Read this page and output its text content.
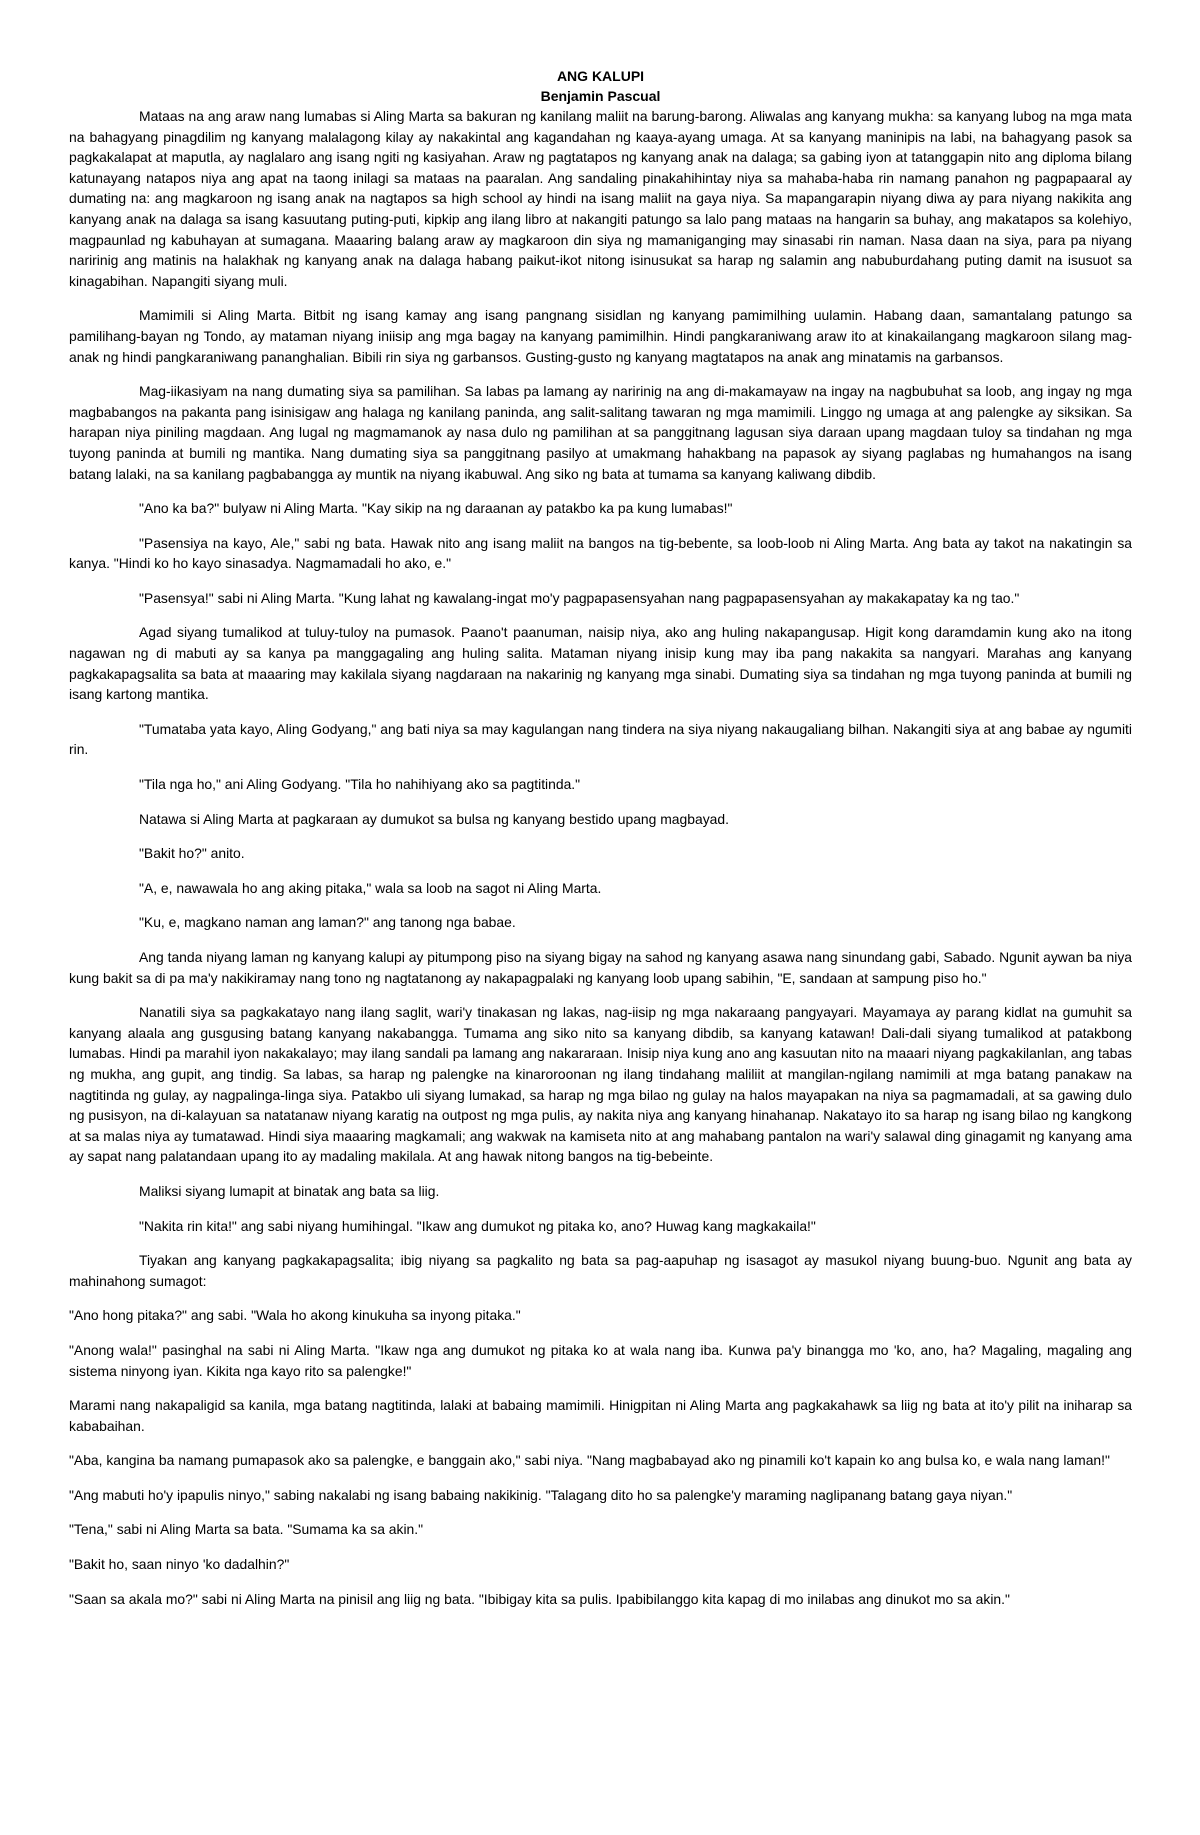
ANG KALUPI

Benjamin Pascual

Mataas na ang araw nang lumabas si Aling Marta sa bakuran ng kanilang maliit na barung-barong. Aliwalas ang kanyang mukha: sa kanyang lubog na mga mata na bahagyang pinagdilim ng kanyang malalagong kilay ay nakakintal ang kagandahan ng kaaya-ayang umaga. At sa kanyang maninipis na labi, na bahagyang pasok sa pagkakalapat at maputla, ay naglalaro ang isang ngiti ng kasiyahan. Araw ng pagtatapos ng kanyang anak na dalaga; sa gabing iyon at tatanggapin nito ang diploma bilang katunayang natapos niya ang apat na taong inilagi sa mataas na paaralan. Ang sandaling pinakahihintay niya sa mahaba-haba rin namang panahon ng pagpapaaral ay dumating na: ang magkaroon ng isang anak na nagtapos sa high school ay hindi na isang maliit na gaya niya. Sa mapangarapin niyang diwa ay para niyang nakikita ang kanyang anak na dalaga sa isang kasuutang puting-puti, kipkip ang ilang libro at nakangiti patungo sa lalo pang mataas na hangarin sa buhay, ang makatapos sa kolehiyo, magpaunlad ng kabuhayan at sumagana. Maaaring balang araw ay magkaroon din siya ng mamaniganging may sinasabi rin naman. Nasa daan na siya, para pa niyang naririnig ang matinis na halakhak ng kanyang anak na dalaga habang paikut-ikot nitong isinusukat sa harap ng salamin ang nabuburdahang puting damit na isusuot sa kinagabihan. Napangiti siyang muli.

Mamimili si Aling Marta. Bitbit ng isang kamay ang isang pangnang sisidlan ng kanyang pamimilhing uulamin. Habang daan, samantalang patungo sa pamilihang-bayan ng Tondo, ay mataman niyang iniisip ang mga bagay na kanyang pamimilhin. Hindi pangkaraniwang araw ito at kinakailangang magkaroon silang mag-anak ng hindi pangkaraniwang pananghalian. Bibili rin siya ng garbansos. Gusting-gusto ng kanyang magtatapos na anak ang minatamis na garbansos.

Mag-iikasiyam na nang dumating siya sa pamilihan. Sa labas pa lamang ay naririnig na ang di-makamayaw na ingay na nagbubuhat sa loob, ang ingay ng mga magbabangos na pakanta pang isinisigaw ang halaga ng kanilang paninda, ang salit-salitang tawaran ng mga mamimili. Linggo ng umaga at ang palengke ay siksikan. Sa harapan niya piniling magdaan. Ang lugal ng magmamanok ay nasa dulo ng pamilihan at sa panggitnang lagusan siya daraan upang magdaan tuloy sa tindahan ng mga tuyong paninda at bumili ng mantika. Nang dumating siya sa panggitnang pasilyo at umakmang hahakbang na papasok ay siyang paglabas ng humahangos na isang batang lalaki, na sa kanilang pagbabangga ay muntik na niyang ikabuwal. Ang siko ng bata at tumama sa kanyang kaliwang dibdib.

"Ano ka ba?" bulyaw ni Aling Marta. "Kay sikip na ng daraanan ay patakbo ka pa kung lumabas!"

"Pasensiya na kayo, Ale," sabi ng bata. Hawak nito ang isang maliit na bangos na tig-bebente, sa loob-loob ni Aling Marta. Ang bata ay takot na nakatingin sa kanya. "Hindi ko ho kayo sinasadya. Nagmamadali ho ako, e."

"Pasensya!" sabi ni Aling Marta. "Kung lahat ng kawalang-ingat mo'y pagpapasensyahan nang pagpapasensyahan ay makakapatay ka ng tao."

Agad siyang tumalikod at tuluy-tuloy na pumasok. Paano't paanuman, naisip niya, ako ang huling nakapangusap. Higit kong daramdamin kung ako na itong nagawan ng di mabuti ay sa kanya pa manggagaling ang huling salita. Mataman niyang inisip kung may iba pang nakakita sa nangyari. Marahas ang kanyang pagkakapagsalita sa bata at maaaring may kakilala siyang nagdaraan na nakarinig ng kanyang mga sinabi. Dumating siya sa tindahan ng mga tuyong paninda at bumili ng isang kartong mantika.

"Tumataba yata kayo, Aling Godyang," ang bati niya sa may kagulangan nang tindera na siya niyang nakaugaliang bilhan. Nakangiti siya at ang babae ay ngumiti rin.

"Tila nga ho," ani Aling Godyang. "Tila ho nahihiyang ako sa pagtitinda."

Natawa si Aling Marta at pagkaraan ay dumukot sa bulsa ng kanyang bestido upang magbayad.

"Bakit ho?" anito.

"A, e, nawawala ho ang aking pitaka," wala sa loob na sagot ni Aling Marta.

"Ku, e, magkano naman ang laman?" ang tanong nga babae.

Ang tanda niyang laman ng kanyang kalupi ay pitumpong piso na siyang bigay na sahod ng kanyang asawa nang sinundang gabi, Sabado. Ngunit aywan ba niya kung bakit sa di pa ma'y nakikiramay nang tono ng nagtatanong ay nakapagpalaki ng kanyang loob upang sabihin, "E, sandaan at sampung piso ho."

Nanatili siya sa pagkakatayo nang ilang saglit, wari'y tinakasan ng lakas, nag-iisip ng mga nakaraang pangyayari. Mayamaya ay parang kidlat na gumuhit sa kanyang alaala ang gusgusing batang kanyang nakabangga. Tumama ang siko nito sa kanyang dibdib, sa kanyang katawan! Dali-dali siyang tumalikod at patakbong lumabas. Hindi pa marahil iyon nakakalayo; may ilang sandali pa lamang ang nakararaan. Inisip niya kung ano ang kasuutan nito na maaari niyang pagkakilanlan, ang tabas ng mukha, ang gupit, ang tindig. Sa labas, sa harap ng palengke na kinaroroonan ng ilang tindahang maliliit at mangilan-ngilang namimili at mga batang panakaw na nagtitinda ng gulay, ay nagpalinga-linga siya. Patakbo uli siyang lumakad, sa harap ng mga bilao ng gulay na halos mayapakan na niya sa pagmamadali, at sa gawing dulo ng pusisyon, na di-kalayuan sa natatanaw niyang karatig na outpost ng mga pulis, ay nakita niya ang kanyang hinahanap. Nakatayo ito sa harap ng isang bilao ng kangkong at sa malas niya ay tumatawad. Hindi siya maaaring magkamali; ang wakwak na kamiseta nito at ang mahabang pantalon na wari'y salawal ding ginagamit ng kanyang ama ay sapat nang palatandaan upang ito ay madaling makilala. At ang hawak nitong bangos na tig-bebeinte.

Maliksi siyang lumapit at binatak ang bata sa liig.

"Nakita rin kita!" ang sabi niyang humihingal. "Ikaw ang dumukot ng pitaka ko, ano? Huwag kang magkakaila!"

Tiyakan ang kanyang pagkakapagsalita; ibig niyang sa pagkalito ng bata sa pag-aapuhap ng isasagot ay masukol niyang buung-buo. Ngunit ang bata ay mahinahong sumagot:

"Ano hong pitaka?" ang sabi. "Wala ho akong kinukuha sa inyong pitaka."

"Anong wala!" pasinghal na sabi ni Aling Marta. "Ikaw nga ang dumukot ng pitaka ko at wala nang iba. Kunwa pa'y binangga mo 'ko, ano, ha? Magaling, magaling ang sistema ninyong iyan. Kikita nga kayo rito sa palengke!"

Marami nang nakapaligid sa kanila, mga batang nagtitinda, lalaki at babaing mamimili. Hinigpitan ni Aling Marta ang pagkakahawk sa liig ng bata at ito'y pilit na iniharap sa kababaihan.

"Aba, kangina ba namang pumapasok ako sa palengke, e banggain ako," sabi niya. "Nang magbabayad ako ng pinamili ko't kapain ko ang bulsa ko, e wala nang laman!"

"Ang mabuti ho'y ipapulis ninyo," sabing nakalabi ng isang babaing nakikinig. "Talagang dito ho sa palengke'y maraming naglipanang batang gaya niyan."

"Tena," sabi ni Aling Marta sa bata. "Sumama ka sa akin."

"Bakit ho, saan ninyo 'ko dadalhin?"

"Saan sa akala mo?" sabi ni Aling Marta na pinisil ang liig ng bata. "Ibibigay kita sa pulis. Ipabibilanggo kita kapag di mo inilabas ang dinukot mo sa akin."
